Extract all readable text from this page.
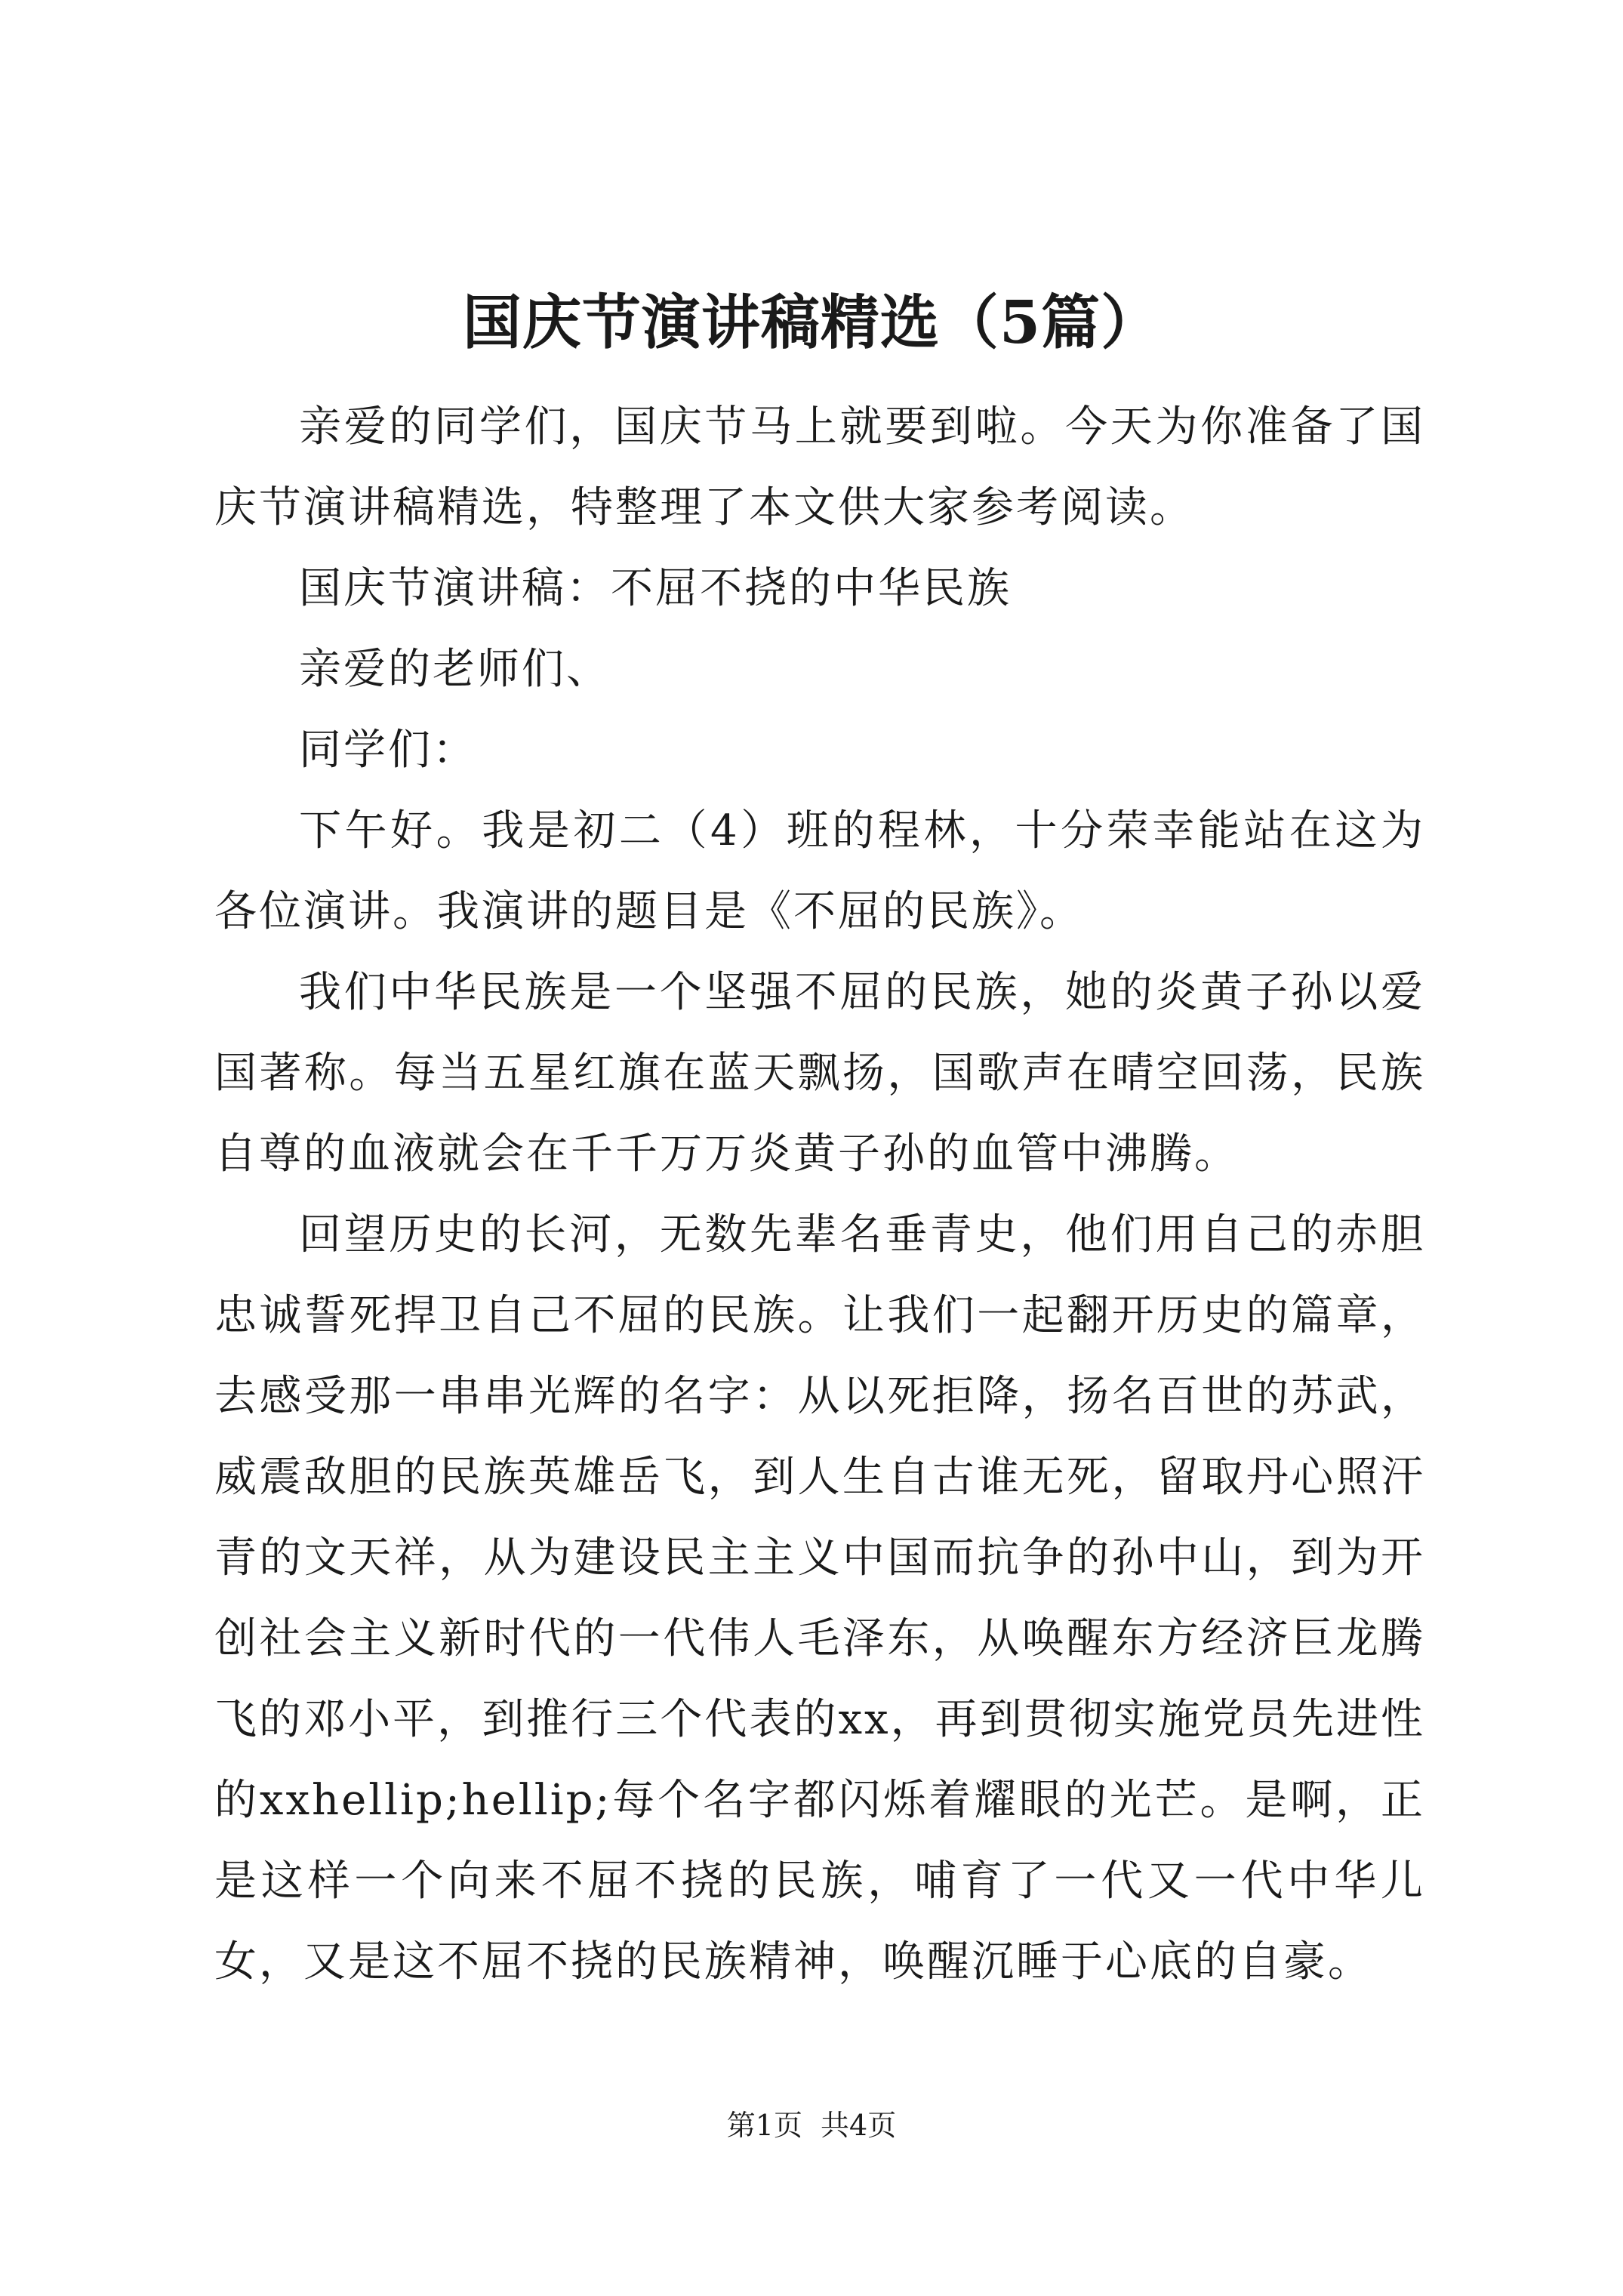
国庆节演讲稿精选（5篇）

亲爱的同学们，国庆节马上就要到啦。今天为你准备了国庆节演讲稿精选，特整理了本文供大家参考阅读。

国庆节演讲稿：不屈不挠的中华民族

亲爱的老师们、

同学们：

下午好。我是初二（4）班的程林，十分荣幸能站在这为各位演讲。我演讲的题目是《不屈的民族》。

我们中华民族是一个坚强不屈的民族，她的炎黄子孙以爱国著称。每当五星红旗在蓝天飘扬，国歌声在晴空回荡，民族自尊的血液就会在千千万万炎黄子孙的血管中沸腾。

回望历史的长河，无数先辈名垂青史，他们用自己的赤胆忠诚誓死捍卫自己不屈的民族。让我们一起翻开历史的篇章，去感受那一串串光辉的名字：从以死拒降，扬名百世的苏武，威震敌胆的民族英雄岳飞，到人生自古谁无死，留取丹心照汗青的文天祥，从为建设民主主义中国而抗争的孙中山，到为开创社会主义新时代的一代伟人毛泽东，从唤醒东方经济巨龙腾飞的邓小平，到推行三个代表的xx，再到贯彻实施党员先进性的xxhellip;hellip;每个名字都闪烁着耀眼的光芒。是啊，正是这样一个向来不屈不挠的民族，哺育了一代又一代中华儿女，又是这不屈不挠的民族精神，唤醒沉睡于心底的自豪。

第1页 共4页
